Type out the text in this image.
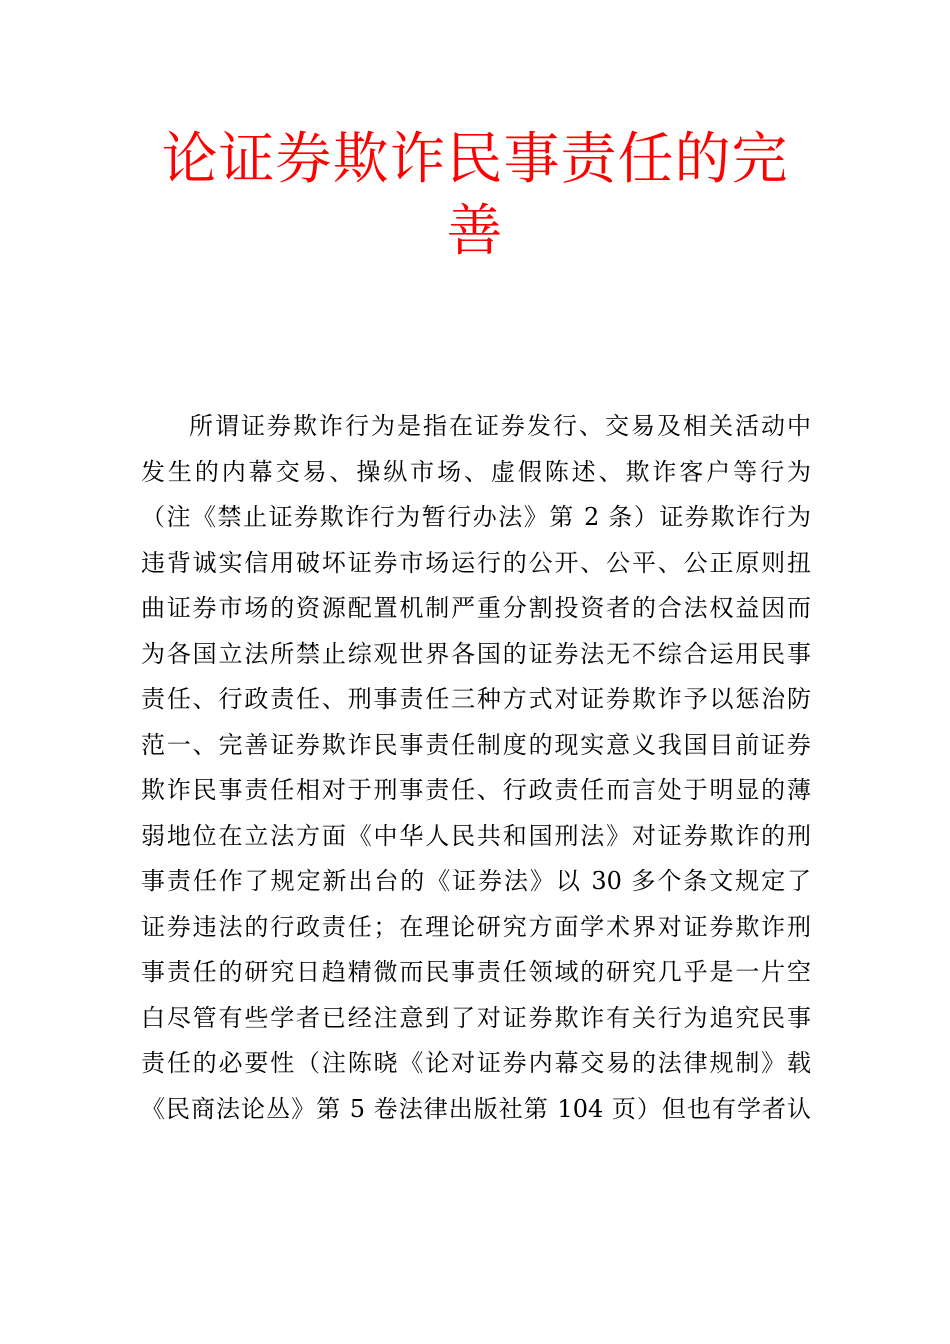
论证券欺诈民事责任的完
善
所谓证券欺诈行为是指在证券发行、交易及相关活动中
发生的内幕交易、操纵市场、虚假陈述、欺诈客户等行为
（注《禁止证券欺诈行为暂行办法》第 2 条）证券欺诈行为
违背诚实信用破坏证券市场运行的公开、公平、公正原则扭
曲证券市场的资源配置机制严重分割投资者的合法权益因而
为各国立法所禁止综观世界各国的证券法无不综合运用民事
责任、行政责任、刑事责任三种方式对证券欺诈予以惩治防
范一、完善证券欺诈民事责任制度的现实意义我国目前证券
欺诈民事责任相对于刑事责任、行政责任而言处于明显的薄
弱地位在立法方面《中华人民共和国刑法》对证券欺诈的刑
事责任作了规定新出台的《证券法》以 30 多个条文规定了
证券违法的行政责任；在理论研究方面学术界对证券欺诈刑
事责任的研究日趋精微而民事责任领域的研究几乎是一片空
白尽管有些学者已经注意到了对证券欺诈有关行为追究民事
责任的必要性（注陈晓《论对证券内幕交易的法律规制》载
《民商法论丛》第 5 卷法律出版社第 104 页）但也有学者认
